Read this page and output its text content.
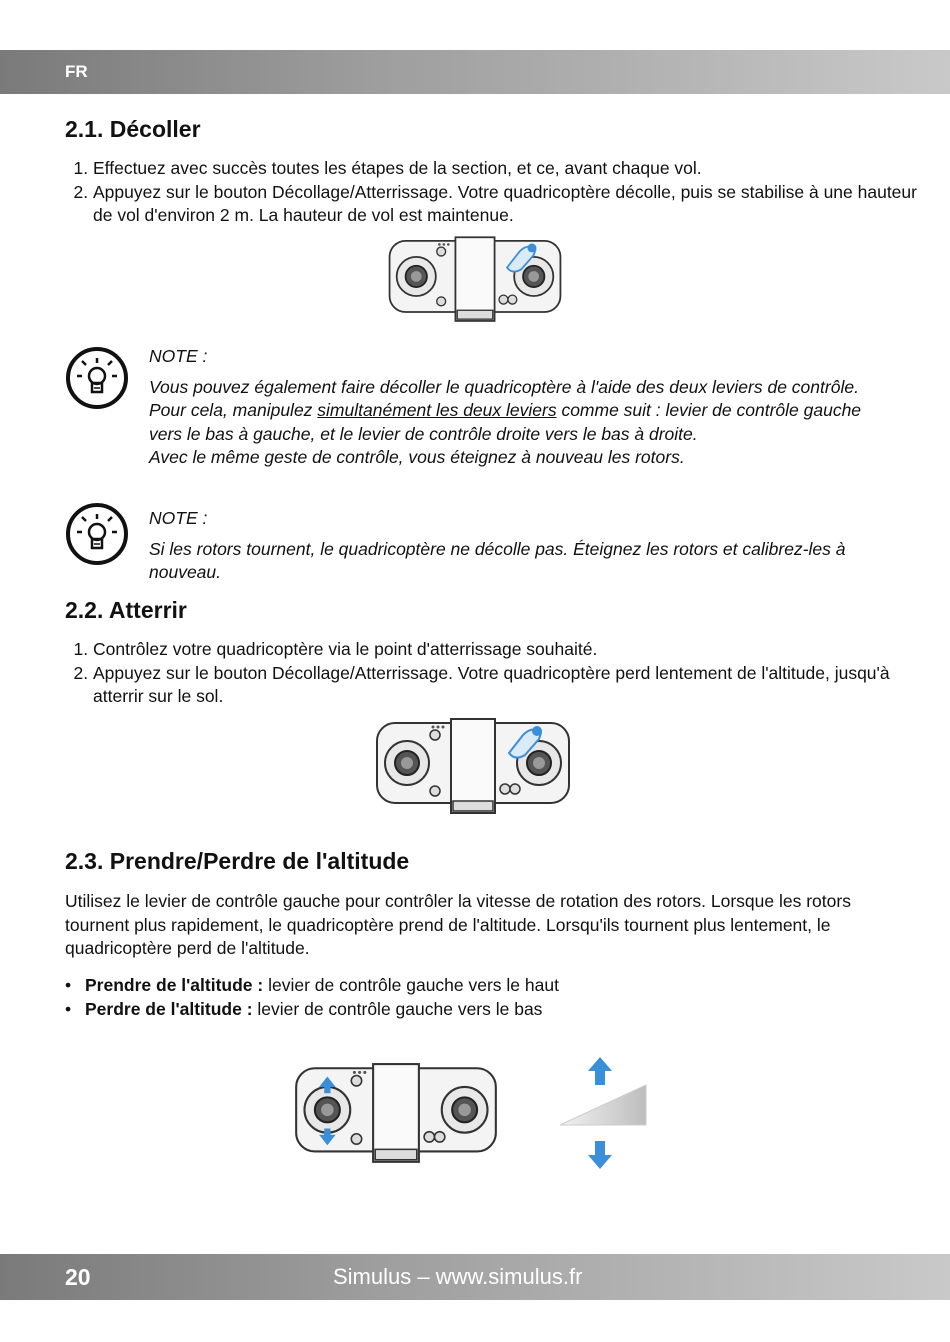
FR
2.1. Décoller
1. Effectuez avec succès toutes les étapes de la section, et ce, avant chaque vol.
2. Appuyez sur le bouton Décollage/Atterrissage. Votre quadricoptère décolle, puis se stabilise à une hauteur de vol d'environ 2 m. La hauteur de vol est maintenue.

NOTE :

Vous pouvez également faire décoller le quadricoptère à l'aide des deux leviers de contrôle. Pour cela, manipulez simultanément les deux leviers comme suit : levier de contrôle gauche vers le bas à gauche, et le levier de contrôle droite vers le bas à droite.

Avec le même geste de contrôle, vous éteignez à nouveau les rotors.

NOTE :

Si les rotors tournent, le quadricoptère ne décolle pas. Éteignez les rotors et calibrez-les à nouveau.

2.2. Atterrir
1. Contrôlez votre quadricoptère via le point d'atterrissage souhaité.
2. Appuyez sur le bouton Décollage/Atterrissage. Votre quadricoptère perd lentement de l'altitude, jusqu'à atterrir sur le sol.
2.3. Prendre/Perdre de l'altitude

Utilisez le levier de contrôle gauche pour contrôler la vitesse de rotation des rotors. Lorsque les rotors tournent plus rapidement, le quadricoptère prend de l'altitude. Lorsqu'ils tournent plus lentement, le quadricoptère perd de l'altitude.

• Prendre de l'altitude : levier de contrôle gauche vers le haut
• Perdre de l'altitude : levier de contrôle gauche vers le bas
20	Simulus – www.simulus.fr
